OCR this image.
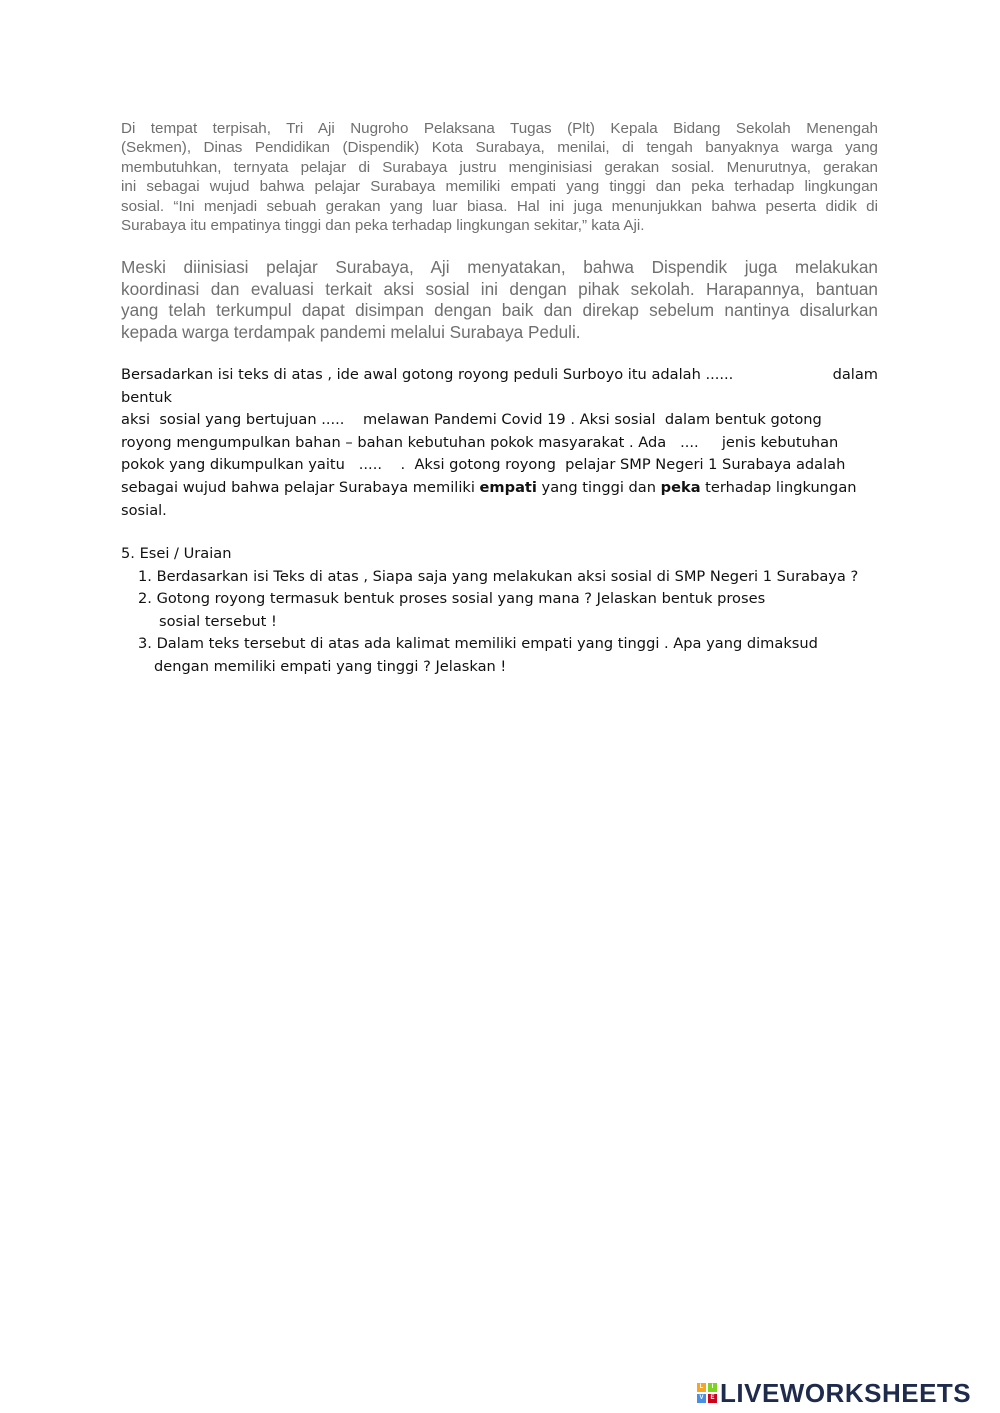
Di tempat terpisah, Tri Aji Nugroho Pelaksana Tugas (Plt) Kepala Bidang Sekolah Menengah
(Sekmen), Dinas Pendidikan (Dispendik) Kota Surabaya, menilai, di tengah banyaknya warga yang
membutuhkan, ternyata pelajar di Surabaya justru menginisiasi gerakan sosial. Menurutnya, gerakan
ini sebagai wujud bahwa pelajar Surabaya memiliki empati yang tinggi dan peka terhadap lingkungan
sosial. “Ini menjadi sebuah gerakan yang luar biasa. Hal ini juga menunjukkan bahwa peserta didik di
Surabaya itu empatinya tinggi dan peka terhadap lingkungan sekitar,” kata Aji.
Meski diinisiasi pelajar Surabaya, Aji menyatakan, bahwa Dispendik juga melakukan
koordinasi dan evaluasi terkait aksi sosial ini dengan pihak sekolah. Harapannya, bantuan
yang telah terkumpul dapat disimpan dengan baik dan direkap sebelum nantinya disalurkan
kepada warga terdampak pandemi melalui Surabaya Peduli.
Bersadarkan isi teks di atas , ide awal gotong royong peduli Surboyo itu adalah ......	dalam
bentuk
aksi  sosial yang bertujuan .....    melawan Pandemi Covid 19 . Aksi sosial  dalam bentuk gotong
royong mengumpulkan bahan – bahan kebutuhan pokok masyarakat . Ada   ....     jenis kebutuhan
pokok yang dikumpulkan yaitu   .....    .  Aksi gotong royong  pelajar SMP Negeri 1 Surabaya adalah
sebagai wujud bahwa pelajar Surabaya memiliki empati yang tinggi dan peka terhadap lingkungan
sosial.
5. Esei / Uraian
1. Berdasarkan isi Teks di atas , Siapa saja yang melakukan aksi sosial di SMP Negeri 1 Surabaya ?
2. Gotong royong termasuk bentuk proses sosial yang mana ? Jelaskan bentuk proses
sosial tersebut !
3. Dalam teks tersebut di atas ada kalimat memiliki empati yang tinggi . Apa yang dimaksud
dengan memiliki empati yang tinggi ? Jelaskan !
L	I
V	E LIVEWORKSHEETS
